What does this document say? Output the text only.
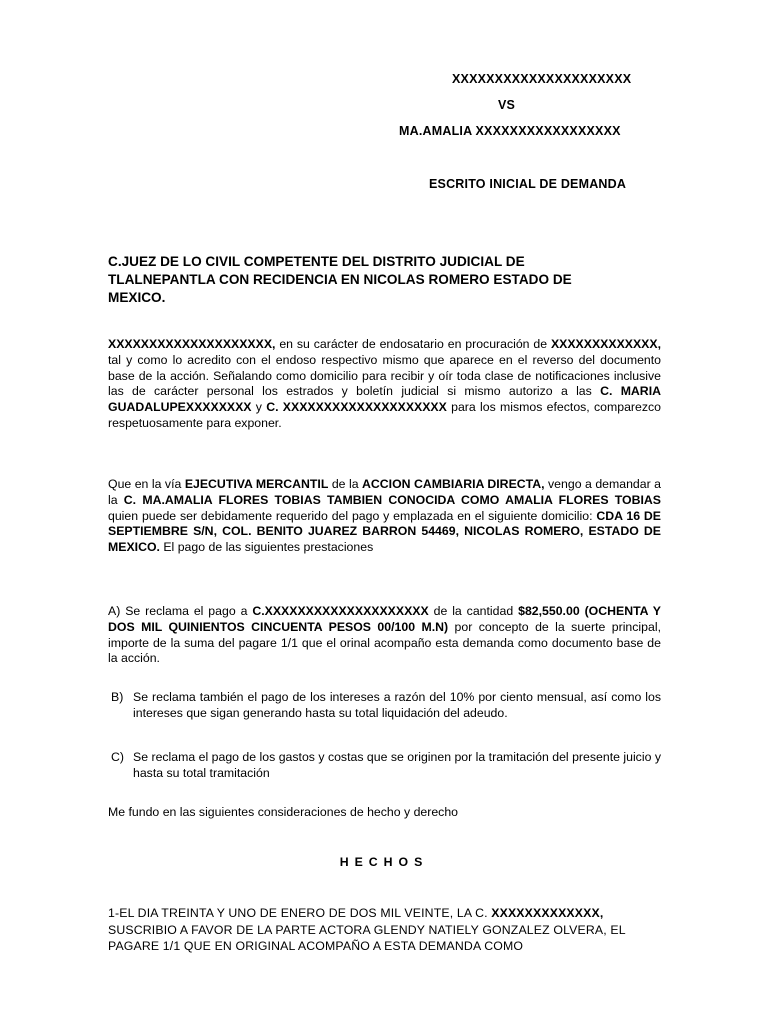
XXXXXXXXXXXXXXXXXXXXX
VS
MA.AMALIA XXXXXXXXXXXXXXXXX
ESCRITO INICIAL DE DEMANDA
C.JUEZ DE LO CIVIL COMPETENTE DEL DISTRITO JUDICIAL DE
TLALNEPANTLA CON RECIDENCIA EN NICOLAS ROMERO ESTADO DE
MEXICO.
XXXXXXXXXXXXXXXXXXXX, en su carácter de endosatario en procuración de XXXXXXXXXXXXX, tal y como lo acredito con el endoso respectivo mismo que aparece en el reverso del documento base de la acción. Señalando como domicilio para recibir y oír toda clase de notificaciones inclusive las de carácter personal los estrados y boletín judicial si mismo autorizo a las C. MARIA GUADALUPEXXXXXXXX y C. XXXXXXXXXXXXXXXXXXXX para los mismos efectos, comparezco respetuosamente para exponer.
Que en la vía EJECUTIVA MERCANTIL de la ACCION CAMBIARIA DIRECTA, vengo a demandar a la C. MA.AMALIA FLORES TOBIAS TAMBIEN CONOCIDA COMO AMALIA FLORES TOBIAS quien puede ser debidamente requerido del pago y emplazada en el siguiente domicilio: CDA 16 DE SEPTIEMBRE S/N, COL. BENITO JUAREZ BARRON 54469, NICOLAS ROMERO, ESTADO DE MEXICO. El pago de las siguientes prestaciones
A) Se reclama el pago a C.XXXXXXXXXXXXXXXXXXXX de la cantidad $82,550.00 (OCHENTA Y DOS MIL QUINIENTOS CINCUENTA PESOS 00/100 M.N) por concepto de la suerte principal, importe de la suma del pagare 1/1 que el orinal acompaño esta demanda como documento base de la acción.
B) Se reclama también el pago de los intereses a razón del 10% por ciento mensual, así como los intereses que sigan generando hasta su total liquidación del adeudo.
C) Se reclama el pago de los gastos y costas que se originen por la tramitación del presente juicio y hasta su total tramitación
Me fundo en las siguientes consideraciones de hecho y derecho
HECHOS
1-EL DIA TREINTA Y UNO DE ENERO DE DOS MIL VEINTE, LA C. XXXXXXXXXXXXX, SUSCRIBIO A FAVOR DE LA PARTE ACTORA GLENDY NATIELY GONZALEZ OLVERA, EL PAGARE 1/1 QUE EN ORIGINAL ACOMPAÑO A ESTA DEMANDA COMO
